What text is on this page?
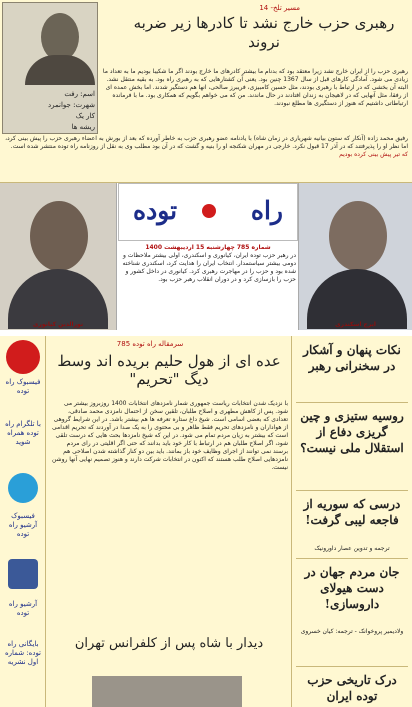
اسم: رفت
شهرت: جوانمرد
کار یک
ریشه ها
مسیر تلخ- 14
رهبری حزب خارج نشد تا کادرها زیر ضربه نروند
رهبری حزب را از ایران خارج نشد زیرا معتقد بود که بدنام ما بیشتر کادرهای ما خارج بودند اگر ما شکیبا بودیم ما به تعداد ما زیادی می شود. آمادگی کارهای قبل از سال 1367 چنین بود. یعنی آن کشتارهایی که به رهبری راه بود. به بقیه منتقل نشد. البته آن بخشی که در ارتباط با رهبری بودند، مثل حسین کامبیزی، فریبرز صالحی، انها هم دستگیر شدند. اما بخش عمده ای از رفقا، مثل آنهایی که در لاهیجان به زندان افتادند در حال ماندند. من که می خواهم بگویم که همکاری بود. ما با فرمانده ارتباطاتی داشتیم که هنوز از دستگیری ها مطلع نبودند.
رفیق محمد زاده (آنکار که ستون بیانیه شهریاری در زمان شاه) با یادنامه عضو رهبری حزب به خاطر آورده که بعد از بورش به اعضاء رهبری حزب را پیش بینی کرد، اما نظر او را پذیرفتند که در آذر 17 قبول نکرد. خارجی در مهران شکنجه او را بنیه و گشت که در آن بود مطلب وی به نقل از روزنامه راه توده منتشر شده است. که تیر پیش بینی کرده بودیم
نورالدین کیانوری
راه
توده
شماره 785 چهارشنبه 15 اردیبهشت 1400
در رهبر حزب توده ایران، کیانوری و اسکندری، اولی بیشتر ملاحظات و دومی بیشتر سیاستمدار. انتخاب ایران را هدایت کرد، اسکندری شناخته شده بود و حزب را در مهاجرت رهبری کرد. کیانوری در داخل کشور و حزب را بازسازی کرد و در دوران انقلاب رهبر حزب بود.
ایرج اسکندری
فیسبوک راه توده
با تلگرام راه توده همراه شوید
فیسبوک آرشیو راه توده
آرشیو راه توده
بایگانی راه توده: شماره اول نشریه
سرمقاله راه توده 785
عده ای از هول حلیم بریده اند وسط دیگ "تحریم"
با نزدیک شدن انتخابات ریاست جمهوری شمار نامزدهای انتخابات 1400 روزبروز بیشتر می شود. پس از کاهش مطهری و اصلاح طلبان، تلقین سخن از احتمال نامزدی محمد صادقی، تعدادی که بعضی اسامی است. شیخ داغ ستاره تعرفه ها هم بیشتر باشد. در این شرایط گروهی از هواداران و نامزدهای تحریم فقط ظاهر و بی محتوی را به یک صدا در آوردند که تحریم اقدامی است که بیشتر به زیان مردم تمام می شود. در این که شیخ نامزدها بحث هایی که درست تلقی شود، اگر اصلاح طلبان هم در ارتباط با کار خود باید بدانند که حتی اگر اقلیتی در رای مردم برسند نمی توانند از اجرای وظایف خود باز بمانند. باید بین دو کنار گذاشته شدن اصلاحی هم نامزدهایی اصلاح طلب هستند که اکنون در انتخابات شرکت دارند و هنوز تصمیم نهایی آنها روشن نیست.
دیدار با شاه پس از کلفرانس تهران
نکات پنهان و آشکار در سخنرانی رهبر
روسیه ستیزی و چین گریزی دفاع از استقلال ملی نیست؟
درسی که سوریه از فاجعه لیبی گرفت!
ترجمه و تدوین عصار داورونیک
جان مردم جهان در دست هیولای داروسازی!
ولادیمیر پروخوانک - ترجمه: کیان خسروی
درک تاریخی حزب توده ایران
